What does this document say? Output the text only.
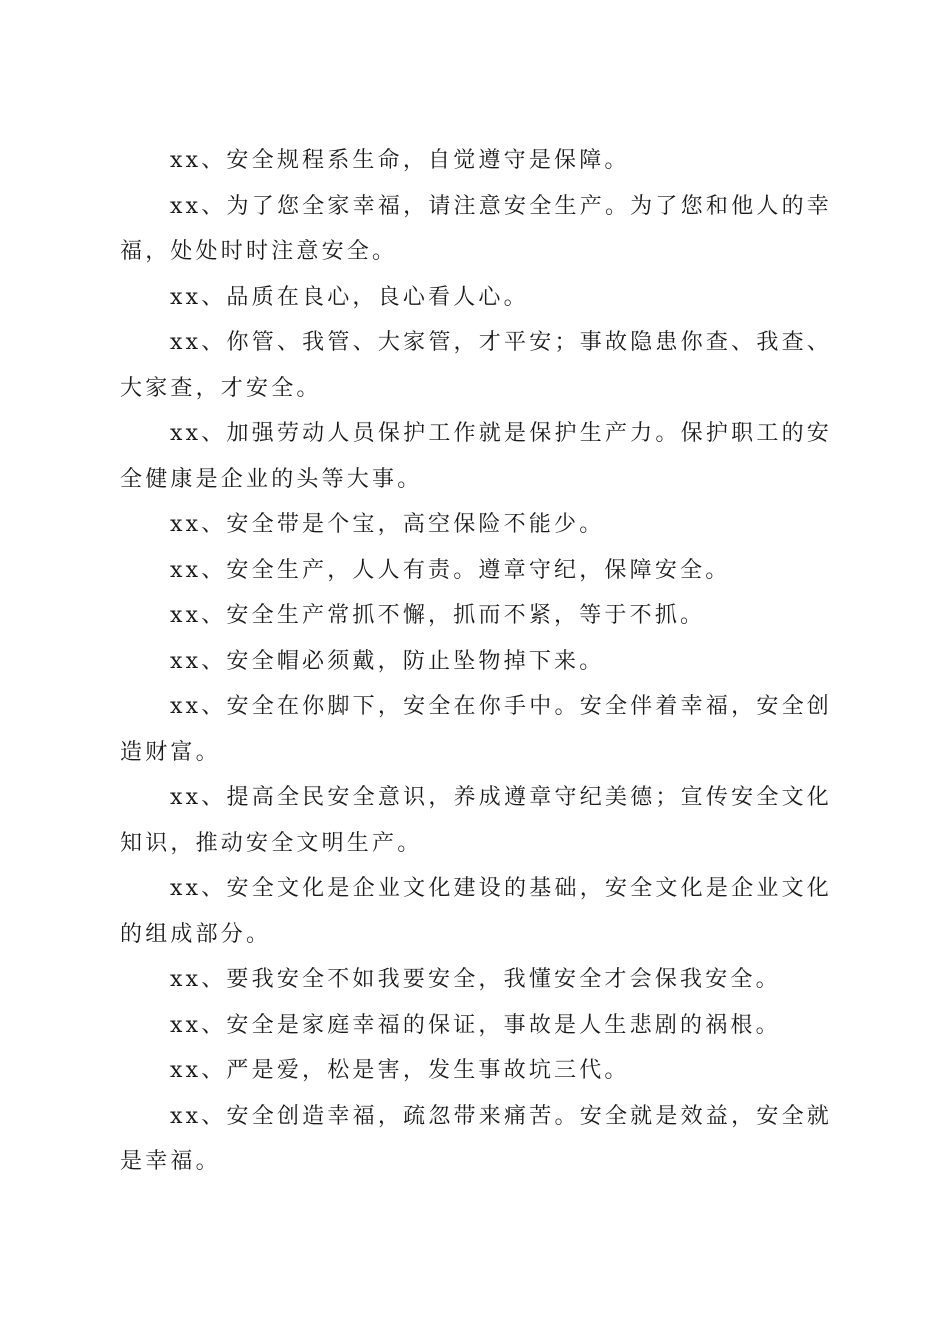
xx、安全规程系生命，自觉遵守是保障。

xx、为了您全家幸福，请注意安全生产。为了您和他人的幸福，处处时时注意安全。

xx、品质在良心，良心看人心。

xx、你管、我管、大家管，才平安；事故隐患你查、我查、大家查，才安全。

xx、加强劳动人员保护工作就是保护生产力。保护职工的安全健康是企业的头等大事。

xx、安全带是个宝，高空保险不能少。

xx、安全生产，人人有责。遵章守纪，保障安全。

xx、安全生产常抓不懈，抓而不紧，等于不抓。

xx、安全帽必须戴，防止坠物掉下来。

xx、安全在你脚下，安全在你手中。安全伴着幸福，安全创造财富。

xx、提高全民安全意识，养成遵章守纪美德；宣传安全文化知识，推动安全文明生产。

xx、安全文化是企业文化建设的基础，安全文化是企业文化的组成部分。

xx、要我安全不如我要安全，我懂安全才会保我安全。

xx、安全是家庭幸福的保证，事故是人生悲剧的祸根。

xx、严是爱，松是害，发生事故坑三代。

xx、安全创造幸福，疏忽带来痛苦。安全就是效益，安全就是幸福。
